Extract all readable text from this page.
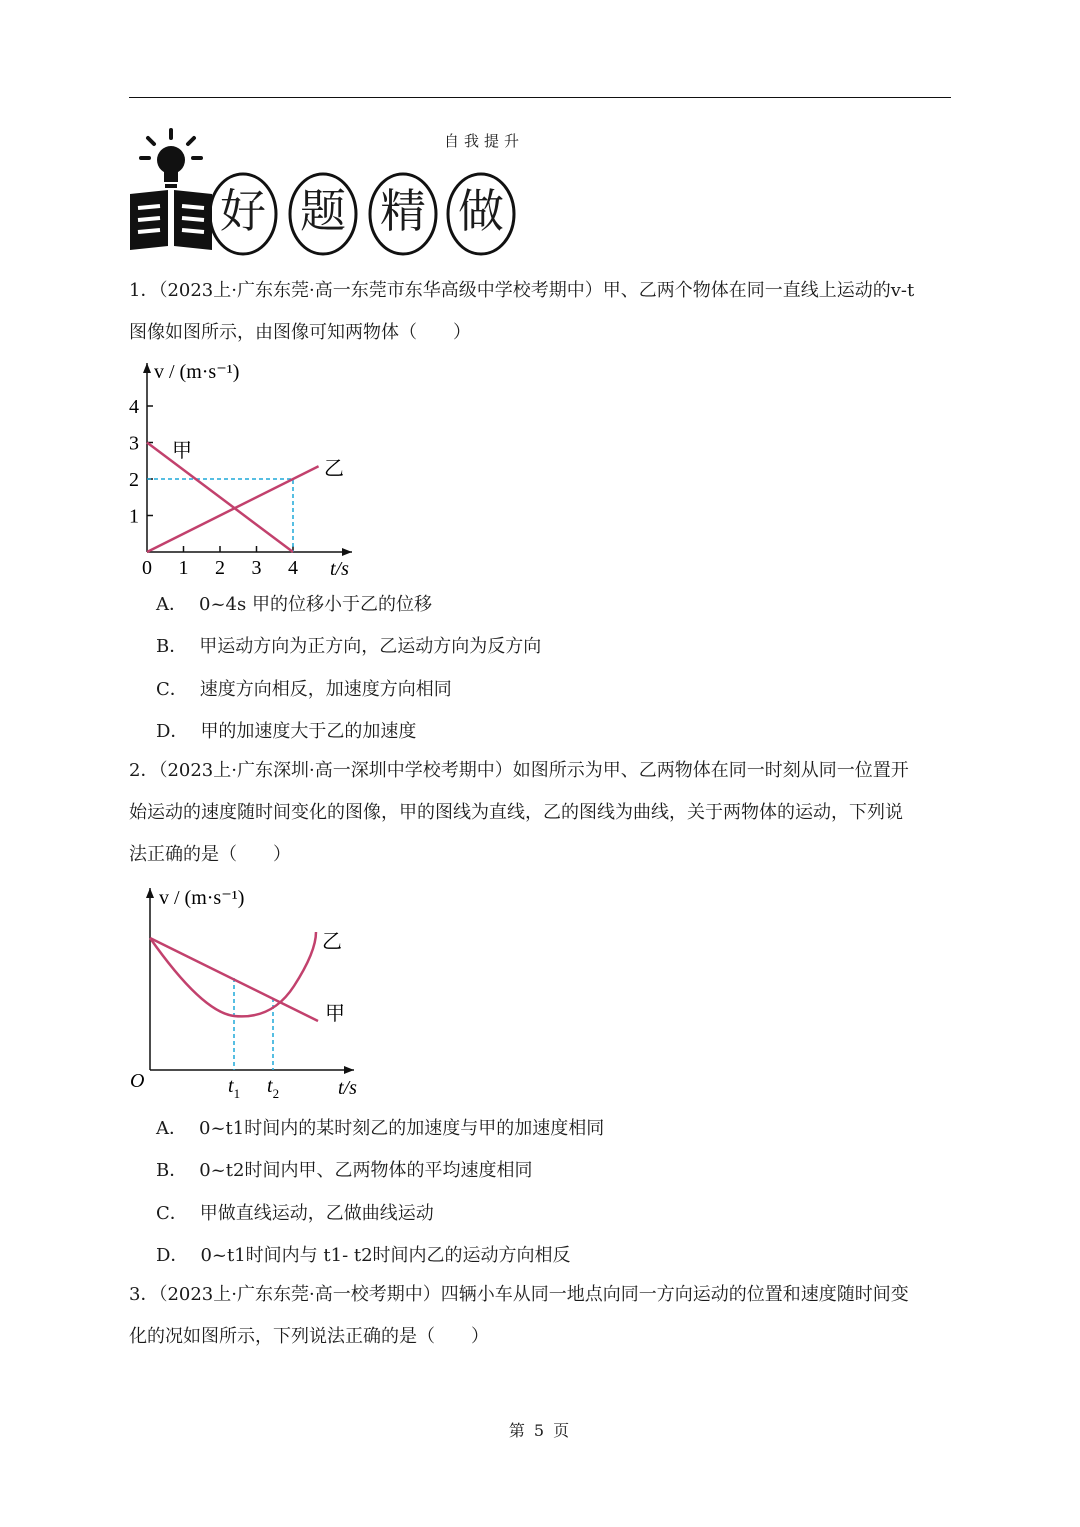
自我提升
好 题 精 做
1．（2023上·广东东莞·高一东莞市东华高级中学校考期中）甲、乙两个物体在同一直线上运动的v-t
图像如图所示，由图像可知两物体（　　）
1
2
3
4
1 2 3 4
0	t/s
v / (m·s⁻¹)
甲
乙
A． 0~4s 甲的位移小于乙的位移
B． 甲运动方向为正方向，乙运动方向为反方向
C． 速度方向相反，加速度方向相同
D． 甲的加速度大于乙的加速度
2．（2023上·广东深圳·高一深圳中学校考期中）如图所示为甲、乙两物体在同一时刻从同一位置开
始运动的速度随时间变化的图像，甲的图线为直线，乙的图线为曲线，关于两物体的运动，下列说
法正确的是（　　）
v / (m·s⁻¹)
t/s
O
甲
乙
$t_1$ $t_2$
A． 0~t1时间内的某时刻乙的加速度与甲的加速度相同
B． 0~t2时间内甲、乙两物体的平均速度相同
C． 甲做直线运动，乙做曲线运动
D． 0~t1时间内与 t1- t2时间内乙的运动方向相反
3．（2023上·广东东莞·高一校考期中）四辆小车从同一地点向同一方向运动的位置和速度随时间变
化的况如图所示，下列说法正确的是（　　）
第 5 页
